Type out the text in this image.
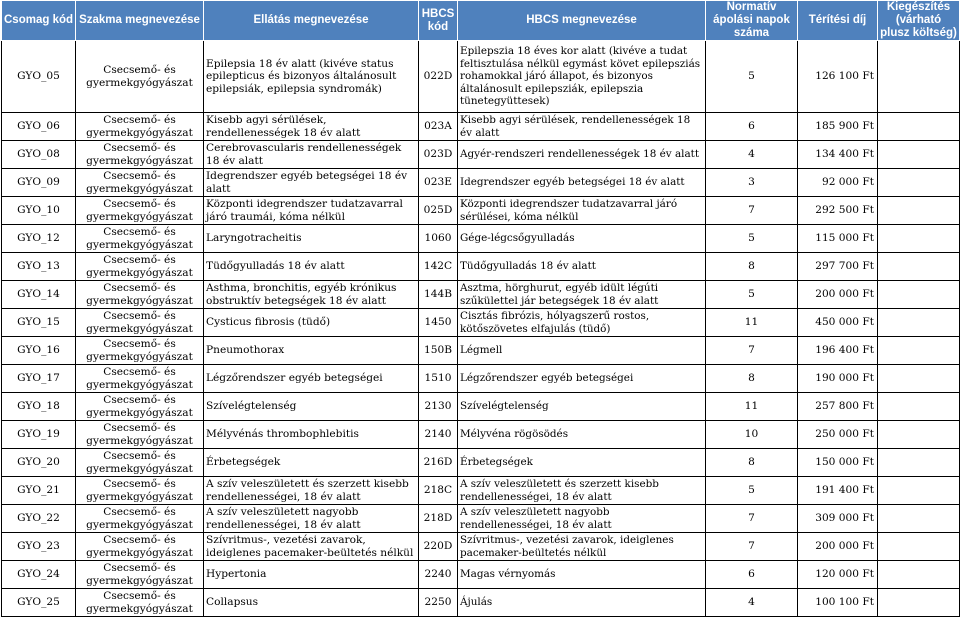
Csomag kód	Szakma megnevezése	Ellátás megnevezése	HBCS kód	HBCS megnevezése	Normatív ápolási napok száma	Térítési díj	Kiegészítés (várható plusz költség)
GYO_05	Csecsemő- és gyermekgyógyászat	Epilepsia 18 év alatt (kivéve status epilepticus és bizonyos általánosult epilepsiák, epilepsia syndromák)	022D	Epilepszia 18 éves kor alatt (kivéve a tudat feltisztulása nélkül egymást követ epilepsziás rohamokkal járó állapot, és bizonyos általánosult epilepsziák, epilepszia tünetegyüttesek)	5	126 100 Ft	
GYO_06	Csecsemő- és gyermekgyógyászat	Kisebb agyi sérülések, rendellenességek 18 év alatt	023A	Kisebb agyi sérülések, rendellenességek 18 év alatt	6	185 900 Ft	
GYO_08	Csecsemő- és gyermekgyógyászat	Cerebrovascularis rendellenességek 18 év alatt	023D	Agyér-rendszeri rendellenességek 18 év alatt	4	134 400 Ft	
GYO_09	Csecsemő- és gyermekgyógyászat	Idegrendszer egyéb betegségei 18 év alatt	023E	Idegrendszer egyéb betegségei 18 év alatt	3	92 000 Ft	
GYO_10	Csecsemő- és gyermekgyógyászat	Központi idegrendszer tudatzavarral járó traumái, kóma nélkül	025D	Központi idegrendszer tudatzavarral járó sérülései, kóma nélkül	7	292 500 Ft	
GYO_12	Csecsemő- és gyermekgyógyászat	Laryngotracheitis	1060	Gége-légcsőgyulladás	5	115 000 Ft	
GYO_13	Csecsemő- és gyermekgyógyászat	Tüdőgyulladás 18 év alatt	142C	Tüdőgyulladás 18 év alatt	8	297 700 Ft	
GYO_14	Csecsemő- és gyermekgyógyászat	Asthma, bronchitis, egyéb krónikus obstruktív betegségek 18 év alatt	144B	Asztma, hörghurut, egyéb idült légúti szűkülettel jár betegségek 18 év alatt	5	200 000 Ft	
GYO_15	Csecsemő- és gyermekgyógyászat	Cysticus fibrosis (tüdő)	1450	Cisztás fibrózis, hólyagszerű rostos, kötőszövetes elfajulás (tüdő)	11	450 000 Ft	
GYO_16	Csecsemő- és gyermekgyógyászat	Pneumothorax	150B	Légmell	7	196 400 Ft	
GYO_17	Csecsemő- és gyermekgyógyászat	Légzőrendszer egyéb betegségei	1510	Légzőrendszer egyéb betegségei	8	190 000 Ft	
GYO_18	Csecsemő- és gyermekgyógyászat	Szívelégtelenség	2130	Szívelégtelenség	11	257 800 Ft	
GYO_19	Csecsemő- és gyermekgyógyászat	Mélyvénás thrombophlebitis	2140	Mélyvéna rögösödés	10	250 000 Ft	
GYO_20	Csecsemő- és gyermekgyógyászat	Érbetegségek	216D	Érbetegségek	8	150 000 Ft	
GYO_21	Csecsemő- és gyermekgyógyászat	A szív veleszületett és szerzett kisebb rendellenességei, 18 év alatt	218C	A szív veleszületett és szerzett kisebb rendellenességei, 18 év alatt	5	191 400 Ft	
GYO_22	Csecsemő- és gyermekgyógyászat	A szív veleszületett nagyobb rendellenességei, 18 év alatt	218D	A szív veleszületett nagyobb rendellenességei, 18 év alatt	7	309 000 Ft	
GYO_23	Csecsemő- és gyermekgyógyászat	Szívritmus-, vezetési zavarok, ideiglenes pacemaker-beültetés nélkül	220D	Szívritmus-, vezetési zavarok, ideiglenes pacemaker-beültetés nélkül	7	200 000 Ft	
GYO_24	Csecsemő- és gyermekgyógyászat	Hypertonia	2240	Magas vérnyomás	6	120 000 Ft	
GYO_25	Csecsemő- és gyermekgyógyászat	Collapsus	2250	Ájulás	4	100 100 Ft	
